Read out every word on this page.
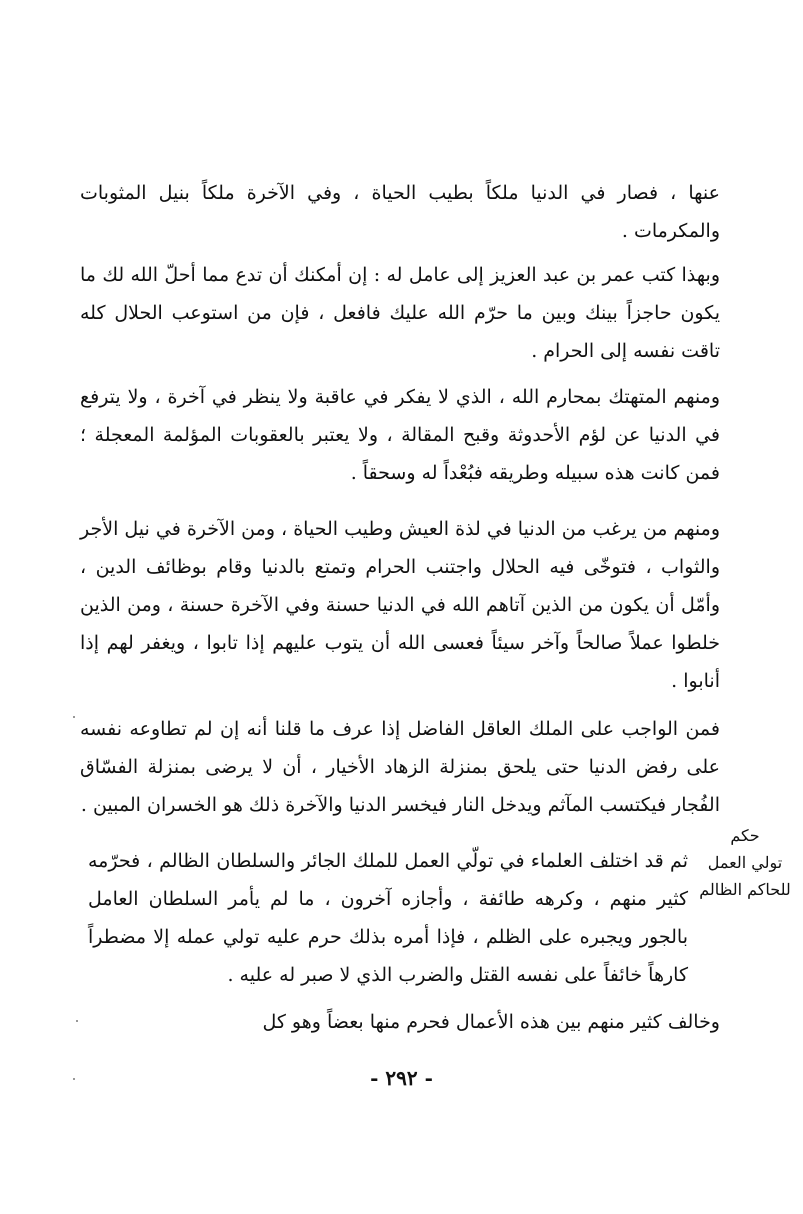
عنها ، فصار في الدنيا ملكاً بطيب الحياة ، وفي الآخرة ملكاً بنيل المثوبات والمكرمات .

وبهذا كتب عمر بن عبد العزيز إلى عامل له : إن أمكنك أن تدع مما أحلّ الله لك ما يكون حاجزاً بينك وبين ما حرّم الله عليك فافعل ، فإن من استوعب الحلال كله تاقت نفسه إلى الحرام .

ومنهم المتهتك بمحارم الله ، الذي لا يفكر في عاقبة ولا ينظر في آخرة ، ولا يترفع في الدنيا عن لؤم الأحدوثة وقبح المقالة ، ولا يعتبر بالعقوبات المؤلمة المعجلة ؛ فمن كانت هذه سبيله وطريقه فبُعْداً له وسحقاً .

ومنهم من يرغب من الدنيا في لذة العيش وطيب الحياة ، ومن الآخرة في نيل الأجر والثواب ، فتوخّى فيه الحلال واجتنب الحرام وتمتع بالدنيا وقام بوظائف الدين ، وأمّل أن يكون من الذين آتاهم الله في الدنيا حسنة وفي الآخرة حسنة ، ومن الذين خلطوا عملاً صالحاً وآخر سيئاً فعسى الله أن يتوب عليهم إذا تابوا ، ويغفر لهم إذا أنابوا .

فمن الواجب على الملك العاقل الفاضل إذا عرف ما قلنا أنه إن لم تطاوعه نفسه على رفض الدنيا حتى يلحق بمنزلة الزهاد الأخيار ، أن لا يرضى بمنزلة الفسّاق الفُجار فيكتسب المآثم ويدخل النار فيخسر الدنيا والآخرة ذلك هو الخسران المبين .

حكم
تولي العمل
للحاكم الظالم

ثم قد اختلف العلماء في تولّي العمل للملك الجائر والسلطان الظالم ، فحرّمه كثير منهم ، وكرهه طائفة ، وأجازه آخرون ، ما لم يأمر السلطان العامل بالجور ويجبره على الظلم ، فإذا أمره بذلك حرم عليه تولي عمله إلا مضطراً كارهاً خائفاً على نفسه القتل والضرب الذي لا صبر له عليه .

وخالف كثير منهم بين هذه الأعمال فحرم منها بعضاً وهو كل

- ٢٩٢ -
